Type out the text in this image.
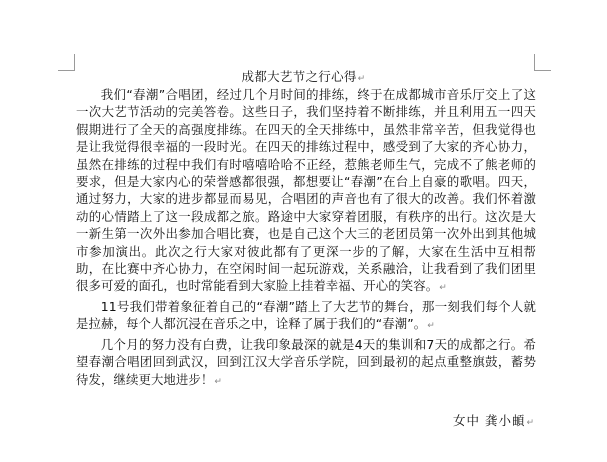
成都大艺节之行心得↵

我们“春潮”合唱团，经过几个月时间的排练，终于在成都城市音乐厅交上了这一次大艺节活动的完美答卷。这些日子，我们坚持着不断排练，并且利用五一四天假期进行了全天的高强度排练。在四天的全天排练中，虽然非常辛苦，但我觉得也是让我觉得很幸福的一段时光。在四天的排练过程中，感受到了大家的齐心协力，虽然在排练的过程中我们有时嘻嘻哈哈不正经，惹熊老师生气，完成不了熊老师的要求，但是大家内心的荣誉感都很强，都想要让“春潮”在台上自豪的歌唱。四天，通过努力，大家的进步都显而易见，合唱团的声音也有了很大的改善。我们怀着激动的心情踏上了这一段成都之旅。路途中大家穿着团服，有秩序的出行。这次是大一新生第一次外出参加合唱比赛，也是自己这个大三的老团员第一次外出到其他城市参加演出。此次之行大家对彼此都有了更深一步的了解，大家在生活中互相帮助，在比赛中齐心协力，在空闲时间一起玩游戏，关系融洽，让我看到了我们团里很多可爱的面孔，也时常能看到大家脸上挂着幸福、开心的笑容。↵

11号我们带着象征着自己的“春潮”踏上了大艺节的舞台，那一刻我们每个人就是拉赫，每个人都沉浸在音乐之中，诠释了属于我们的“春潮”。↵

几个月的努力没有白费，让我印象最深的就是4天的集训和7天的成都之行。希望春潮合唱团回到武汉，回到江汉大学音乐学院，回到最初的起点重整旗鼓，蓄势待发，继续更大地进步！↵

女中 龚小頔↵
